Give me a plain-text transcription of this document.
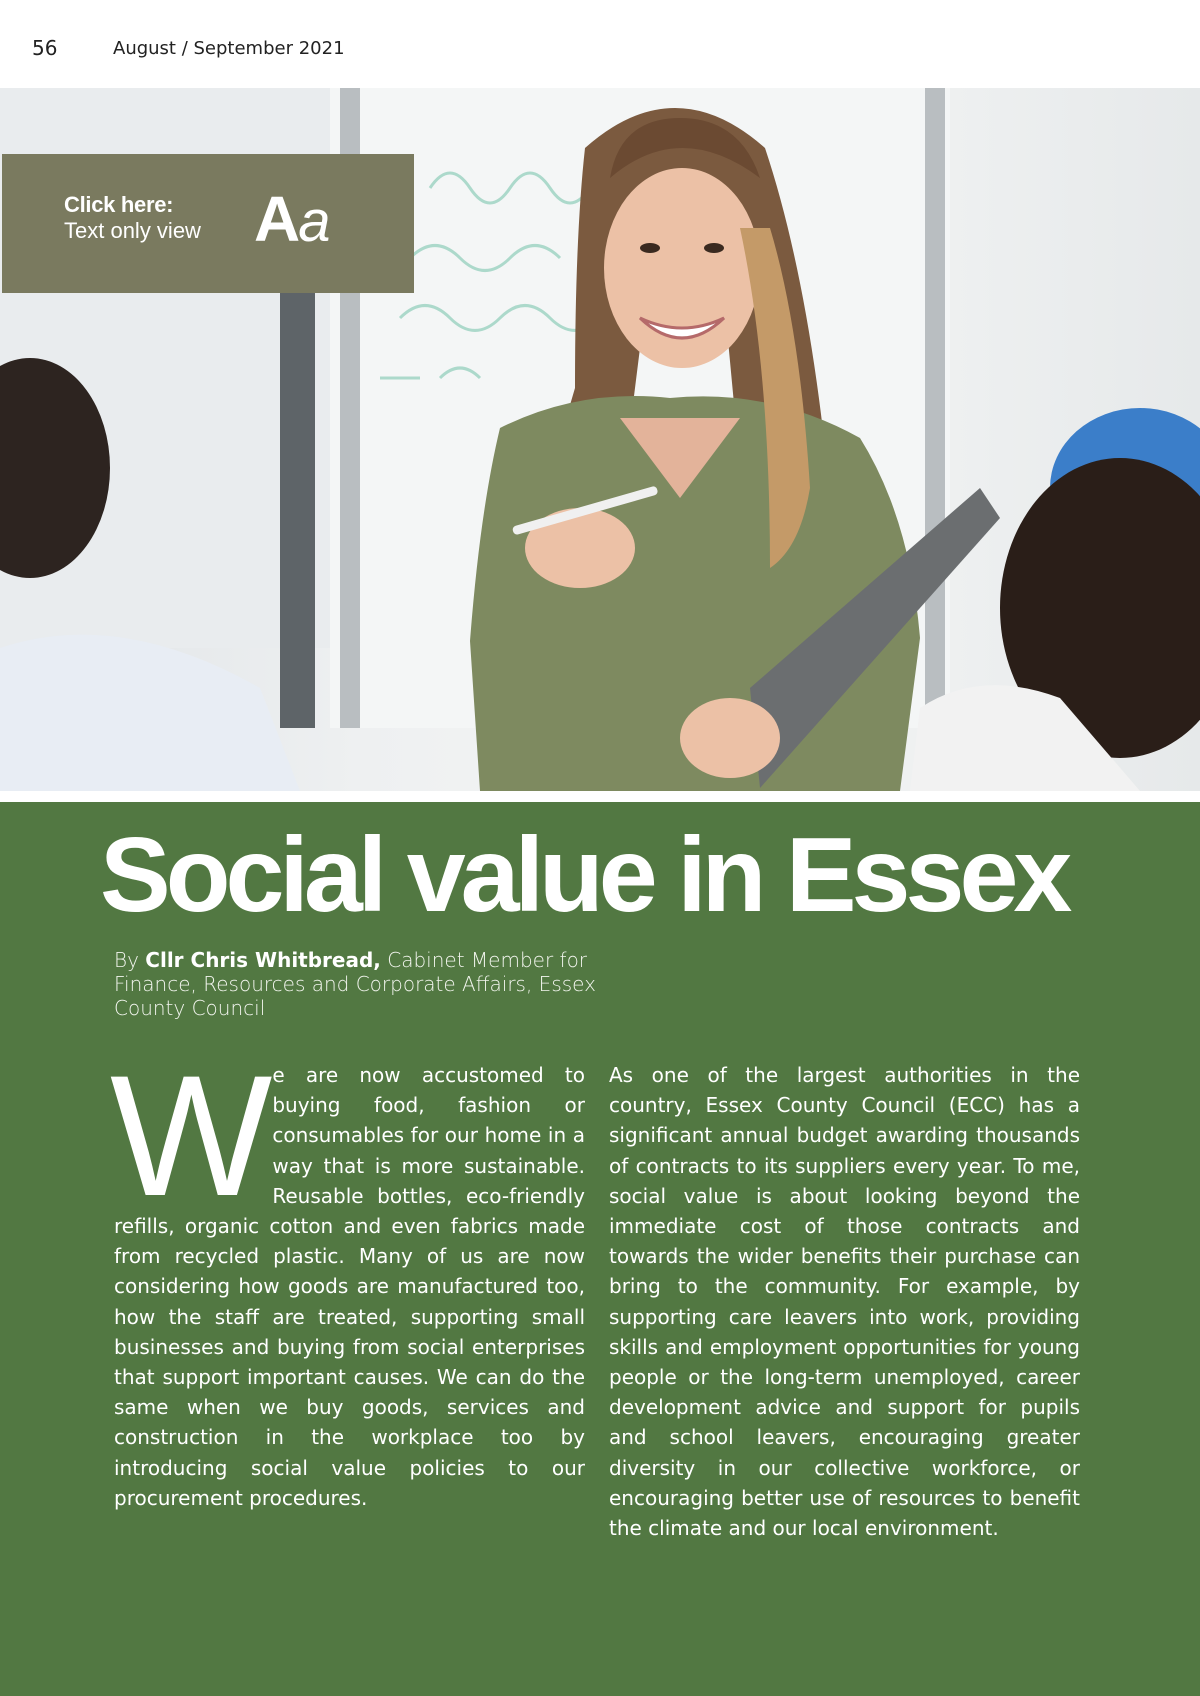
56	August / September 2021
Click here:
Text only view Aa
Social value in Essex

By Cllr Chris Whitbread, Cabinet Member for Finance, Resources and Corporate Affairs, Essex County Council

W e are now accustomed to buying food, fashion or consumables for our home in a way that is more sustainable. Reusable bottles, eco-friendly refills, organic cotton and even fabrics made from recycled plastic. Many of us are now considering how goods are manufactured too, how the staff are treated, supporting small businesses and buying from social enterprises that support important causes. We can do the same when we buy goods, services and construction in the workplace too by introducing social value policies to our procurement procedures.
As one of the largest authorities in the country, Essex County Council (ECC) has a significant annual budget awarding thousands of contracts to its suppliers every year. To me, social value is about looking beyond the immediate cost of those contracts and towards the wider benefits their purchase can bring to the community. For example, by supporting care leavers into work, providing skills and employment opportunities for young people or the long-term unemployed, career development advice and support for pupils and school leavers, encouraging greater diversity in our collective workforce, or encouraging better use of resources to benefit the climate and our local environment.
